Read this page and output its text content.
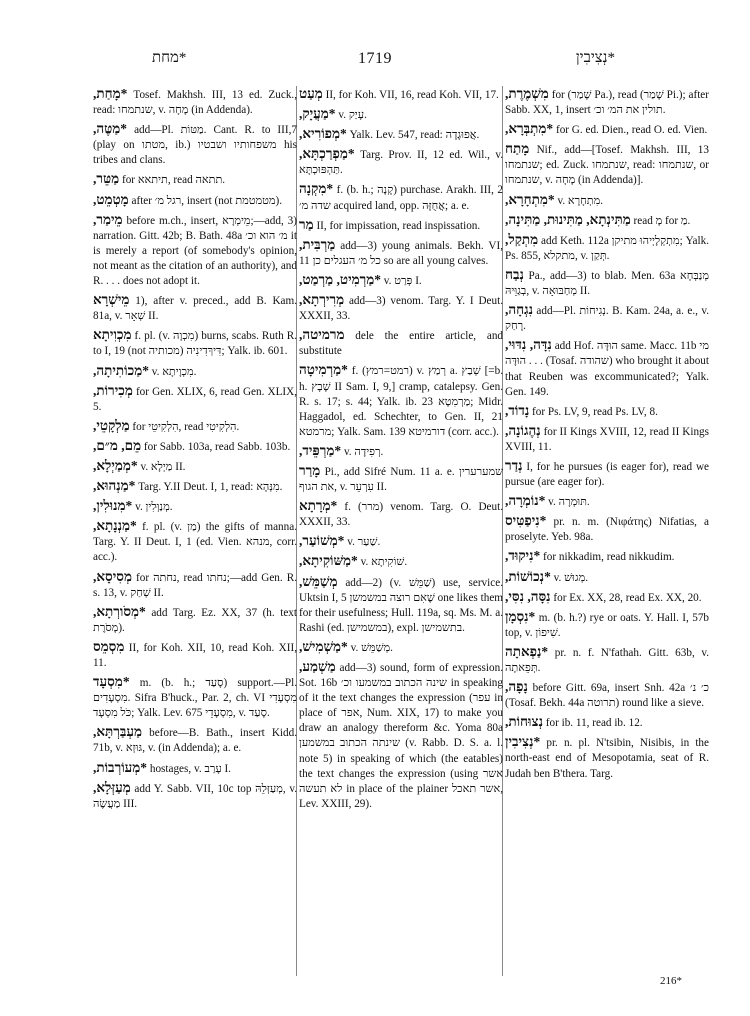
*מחת	1719	*נְצִיבִין
*מָחַת, Tosef. Makhsh. III, 13 ed. Zuck., read: שנתמחו, v. מָחָה (in Addenda).
*מַטֶּה, add—Pl. מַטּוֹת. Cant. R. to III,7 (play on מטתו, ib.) משפחותיו ושבטיו his tribes and clans.
מַטֵּר, for תיתאא, read תתאה.
מָטְמֵט, after רגל מ׳, insert (not מטמטמת).
מֵימַר, before m.ch., insert, מֵימְרָא;—add, 3) narration. Gitt. 42b; B. Bath. 48a מ׳ הוא וכ׳ it is merely a report (of somebody's opinion, not meant as the citation of an authority), and R. . . . does not adopt it.
מֵישְׁרָא 1), after v. preced., add B. Kam. 81a, v. שְׁאָר II.
מִכְוִיתָא f. pl. (v. מִכְוָה) burns, scabs. Ruth R. to I, 19 (not מכותיה) דִּיךְדִינִיה; Yalk. ib. 601.
*מַכוֹתִיתָה, v. מִכְוָיתָא.
מְכִירוֹת, for Gen. XLIX, 6, read Gen. XLIX, 5.
מַלְקָטֵי, for הִלְקִיטֵי, read הִלְקִיטִי.
מֵם, מ״ם, for Sabb. 103a, read Sabb. 103b.
*מְמַיְלָא, v. מַיְלָא II.
*מַנְהוּא, Targ. Y.II Deut. I, 1, read: מִנְּהָא.
*מִנוּלִין, v. מְנַוְּלִין.
*מַנְנָתָא, f. pl. (v. מַן) the gifts of manna. Targ. Y. II Deut. I, 1 (ed. Vien. מנהא, corr. acc.).
מְסִיסָא, for נחתה, read נחתו;—add Gen. R. s. 13, v. שְׁחַק II.
*מְסֹורְתָא, add Targ. Ez. XX, 37 (h. text מָסֹרֶת).
מִסְמֵס II, for Koh. XII, 10, read Koh. XII, 11.
*מִסְעָד m. (b. h.; סָעַד) support.—Pl. מִסְעָדִים. Sifra B'huck., Par. 2, ch. VI מִסְעָדִי כֹּל מִסְעָד; Yalk. Lev. 675 מִסְעָדֵי, v. סָעַד.
מַעְבַּרְתָּא, before—B. Bath., insert Kidd. 71b, v. גּוּזְא, v. (in Addenda); a. e.
*מְעוֹרְבוֹת, hostages, v. עָרַב I.
מְעַזְּלָא, add Y. Sabb. VII, 10c top מְעַזְּלֵהּ, v. מַעֲשֶׂה III.
מְעַט II, for Koh. VII, 16, read Koh. VII, 17.
*מַעֲיָק, v. עָיַק.
*מְפוֹרִיא, Yalk. Lev. 547, read: אֲפוּגָדָה.
*מַפְרַכְתָּא, Targ. Prov. II, 12 ed. Wil., v. תַּהְפּוּכְתָּא.
*מִקְנָה f. (b. h.; קָנָה) purchase. Arakh. III, 2 שדה מ׳ acquired land, opp. אֲחֻזָּה; a. e.
מַר II, for impissation, read inspissation.
מַרְבִּית, add—3) young animals. Bekh. VI, 11 כל מ׳ העגלים כן so are all young calves.
*מַרְמִיט, מַרְמַט, v. פְּרַט I.
מְרִירְתָא, add—3) venom. Targ. Y. I Deut. XXXII, 33.
מרמיטה, dele the entire article, and substitute
*מַרְמִיטָה f. (רמט=רמץ) v. רְמַץ a. שְׁבַץ [=b. h. שָׁבָץ II Sam. I, 9,] cramp, catalepsy. Gen. R. s. 17; s. 44; Yalk. ib. 23 מַרְמִטָא; Midr. Haggadol, ed. Schechter, to Gen. II, 21 מרמטא; Yalk. Sam. 139 דורמיטא (corr. acc.).
*מַרְפֵּיד, v. רְפִידָה.
מָרַר Pi., add Sifré Num. 11 a. e. שמערערין את הגוף, v. עִרְעֵר II.
*מְרָתָא f. (מרר) venom. Targ. O. Deut. XXXII, 33.
*מְשׁוֹעַר, v. שַׁעַר.
*מַשּׁוֹקִיתָא, v. שׁוֹקִיתָא.
מְשַׁמֵּשׁ, add—2) (v. שַׁמֵּשׁ) use, service. Uktsin I, 5 שֶׁאִם רוצה במשמשן one likes them for their usefulness; Hull. 119a, sq. Ms. M. a. Rashi (ed. במשמישן), expl. בתשמישן.
*מַשְׁמִישׁ, v. מְשַׁמֵּשׁ.
מַשְׁמַע, add—3) sound, form of expression. Sot. 16b שינה הכתוב במשמעו וכ׳ in speaking of it the text changes the expression (עפר in place of אפר, Num. XIX, 17) to make you draw an analogy thereform &c. Yoma 80a שינתה הכתוב במשמען (v. Rabb. D. S. a. l. note 5) in speaking of which (the eatables) the text changes the expression (using אשר לא תעשה in place of the plainer אשר תאכל, Lev. XXIII, 29).
מִשְׁמֶרֶת, for (שָׁמַר Pa.), read (שָׁמַר Pi.); after Sabb. XX, 1, insert תולין את המ׳ וכ׳.
*מִתְבְּרָא, for G. ed. Dien., read O. ed. Vien.
מָתַח Nif., add—[Tosef. Makhsh. III, 13 שנתמחו; ed. Zuck. שנתמחו, read: שנתמחו, or שנתמחו, v. מָחָה (in Addenda)].
*מִתְחָרָא, v. מִתְחָרָא.
מַתִּינְתָא, מַתִּינוּת, מַתִּינָה, read מָ for מַ.
מִתְקַל, add Keth. 112a מִתְקְלָיְיהוּ מתיקן; Yalk. Ps. 855, מתקלא, v. תְּקַן.
נְבַח Pa., add—3) to blab. Men. 63a מְנַבְּחָא בְגַוֵּיהּ, v. מְחַבּוּאָה II.
נִגְחָה, add—Pl. נְגִיחוֹת. B. Kam. 24a, a. e., v. רָחַק.
נִדָּה, נִדּוּי, add Hof. הוּדָּה same. Macc. 11b מי . . . הוּדָּה (Tosaf. שהודה) who brought it about that Reuben was excommunicated?; Yalk. Gen. 149.
נָדוֹד, for Ps. LV, 9, read Ps. LV, 8.
נְהֶגוֹנָה, for II Kings XVIII, 12, read II Kings XVIII, 11.
נְדַר I, for he pursues (is eager for), read we pursue (are eager for).
*נוֹמְרָה, v. תּוּמְרָה.
*נִיפַטִּיס pr. n. m. (Νιφάτης) Nifatias, a proselyte. Yeb. 98a.
*נִיקוּד, for nikkadim, read nikkudim.
*נְכוֹשׁוֹת, v. מְגוּשׁ.
נִסָּה, נִסִּי, for Ex. XX, 28, read Ex. XX, 20.
*נִסְמָן m. (b. h.?) rye or oats. Y. Hall. I, 57b top, v. שִׁיפוֹן.
*נַפְאתָה pr. n. f. N'fathah. Gitt. 63b, v. תְּפֵאתָה.
נָפָה, before Gitt. 69a, insert Snh. 42a כ׳ נ׳ (Tosaf. Bekh. 44a תרוטה) round like a sieve.
נְצוּחוֹת, for ib. 11, read ib. 12.
*נְצִיבִין pr. n. pl. N'tsibin, Nisibis, in the north-east end of Mesopotamia, seat of R. Judah ben B'thera. Targ.
216*
